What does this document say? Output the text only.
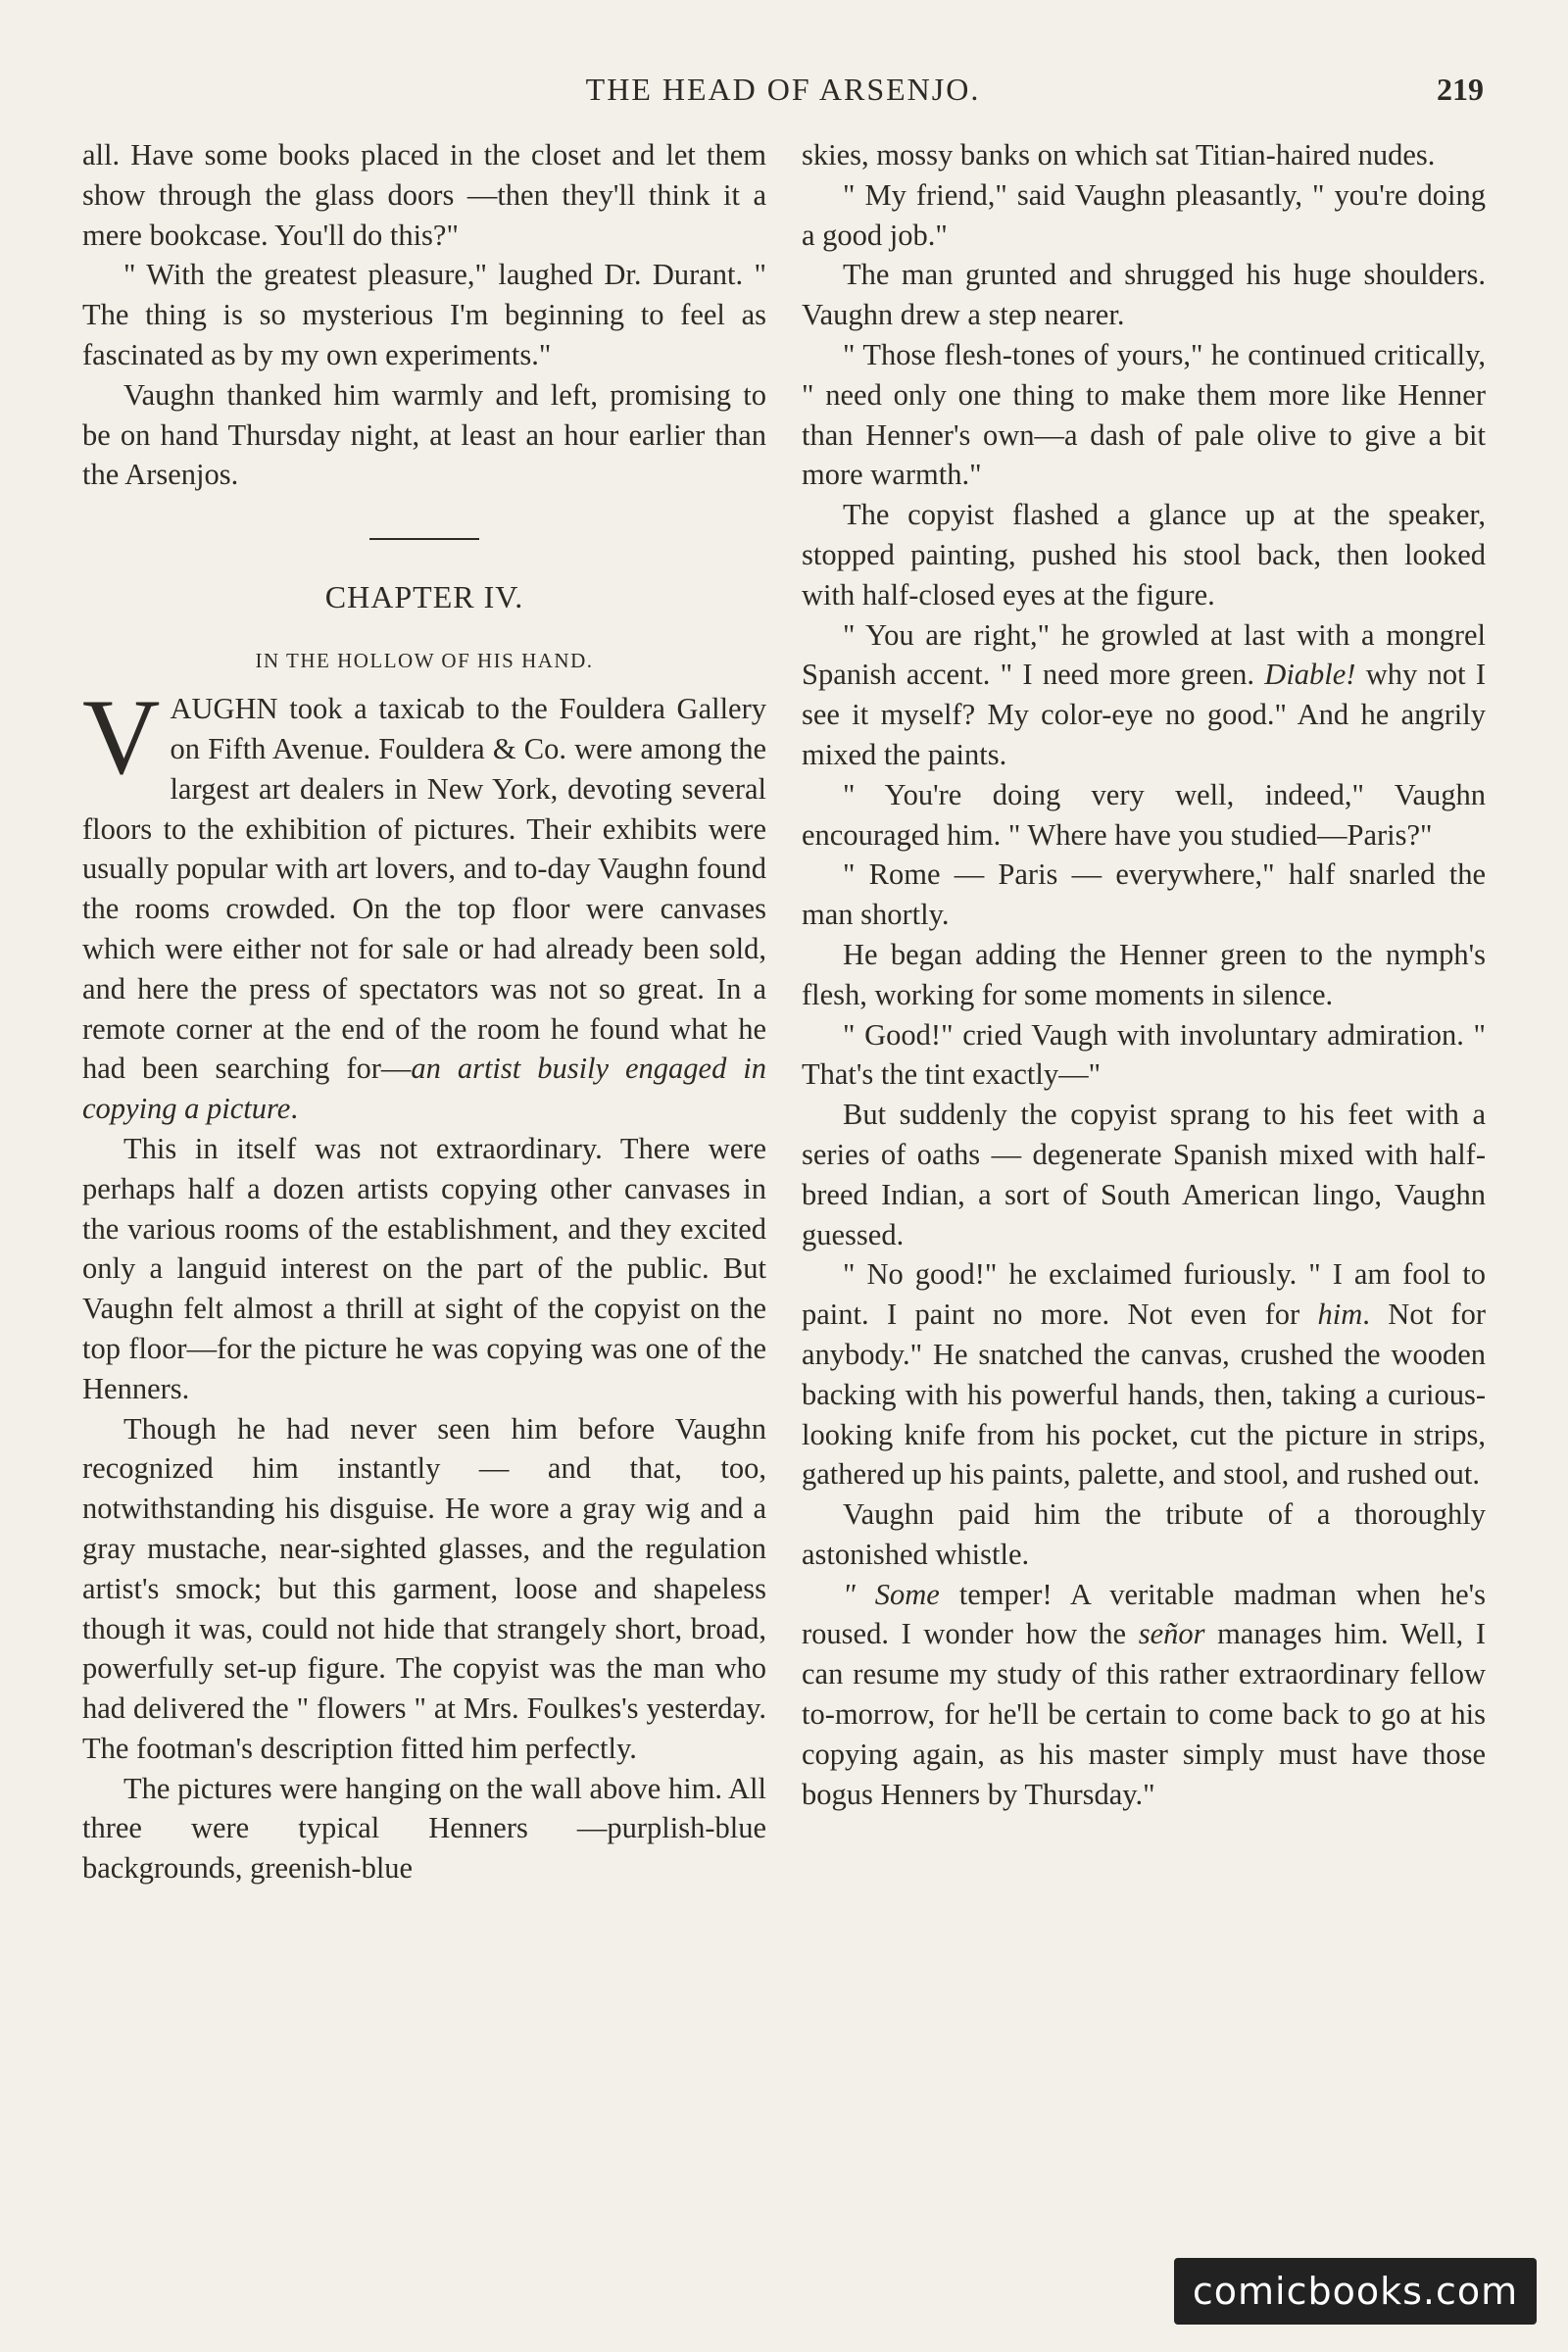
THE HEAD OF ARSENJO.	219

all. Have some books placed in the closet and let them show through the glass doors —then they'll think it a mere bookcase. You'll do this?"

" With the greatest pleasure," laughed Dr. Durant. " The thing is so mysterious I'm beginning to feel as fascinated as by my own experiments."

Vaughn thanked him warmly and left, promising to be on hand Thursday night, at least an hour earlier than the Arsenjos.

CHAPTER IV.
IN THE HOLLOW OF HIS HAND.

VAUGHN took a taxicab to the Fouldera Gallery on Fifth Avenue. Fouldera & Co. were among the largest art dealers in New York, devoting several floors to the exhibition of pictures. Their exhibits were usually popular with art lovers, and to-day Vaughn found the rooms crowded. On the top floor were canvases which were either not for sale or had already been sold, and here the press of spectators was not so great. In a remote corner at the end of the room he found what he had been searching for—an artist busily engaged in copying a picture.

This in itself was not extraordinary. There were perhaps half a dozen artists copying other canvases in the various rooms of the establishment, and they excited only a languid interest on the part of the public. But Vaughn felt almost a thrill at sight of the copyist on the top floor—for the picture he was copying was one of the Henners.

Though he had never seen him before Vaughn recognized him instantly — and that, too, notwithstanding his disguise. He wore a gray wig and a gray mustache, near-sighted glasses, and the regulation artist's smock; but this garment, loose and shapeless though it was, could not hide that strangely short, broad, powerfully set-up figure. The copyist was the man who had delivered the " flowers " at Mrs. Foulkes's yesterday. The footman's description fitted him perfectly.

The pictures were hanging on the wall above him. All three were typical Henners —purplish-blue backgrounds, greenish-blue

skies, mossy banks on which sat Titian-haired nudes.

" My friend," said Vaughn pleasantly, " you're doing a good job."

The man grunted and shrugged his huge shoulders. Vaughn drew a step nearer.

" Those flesh-tones of yours," he continued critically, " need only one thing to make them more like Henner than Henner's own—a dash of pale olive to give a bit more warmth."

The copyist flashed a glance up at the speaker, stopped painting, pushed his stool back, then looked with half-closed eyes at the figure.

" You are right," he growled at last with a mongrel Spanish accent. " I need more green. Diable! why not I see it myself? My color-eye no good." And he angrily mixed the paints.

" You're doing very well, indeed," Vaughn encouraged him. " Where have you studied—Paris?"

" Rome — Paris — everywhere," half snarled the man shortly.

He began adding the Henner green to the nymph's flesh, working for some moments in silence.

" Good!" cried Vaugh with involuntary admiration. " That's the tint exactly—"

But suddenly the copyist sprang to his feet with a series of oaths — degenerate Spanish mixed with half-breed Indian, a sort of South American lingo, Vaughn guessed.

" No good!" he exclaimed furiously. " I am fool to paint. I paint no more. Not even for him. Not for anybody." He snatched the canvas, crushed the wooden backing with his powerful hands, then, taking a curious-looking knife from his pocket, cut the picture in strips, gathered up his paints, palette, and stool, and rushed out.

Vaughn paid him the tribute of a thoroughly astonished whistle.

" Some temper! A veritable madman when he's roused. I wonder how the señor manages him. Well, I can resume my study of this rather extraordinary fellow to-morrow, for he'll be certain to come back to go at his copying again, as his master simply must have those bogus Henners by Thursday."

comicbooks.com
